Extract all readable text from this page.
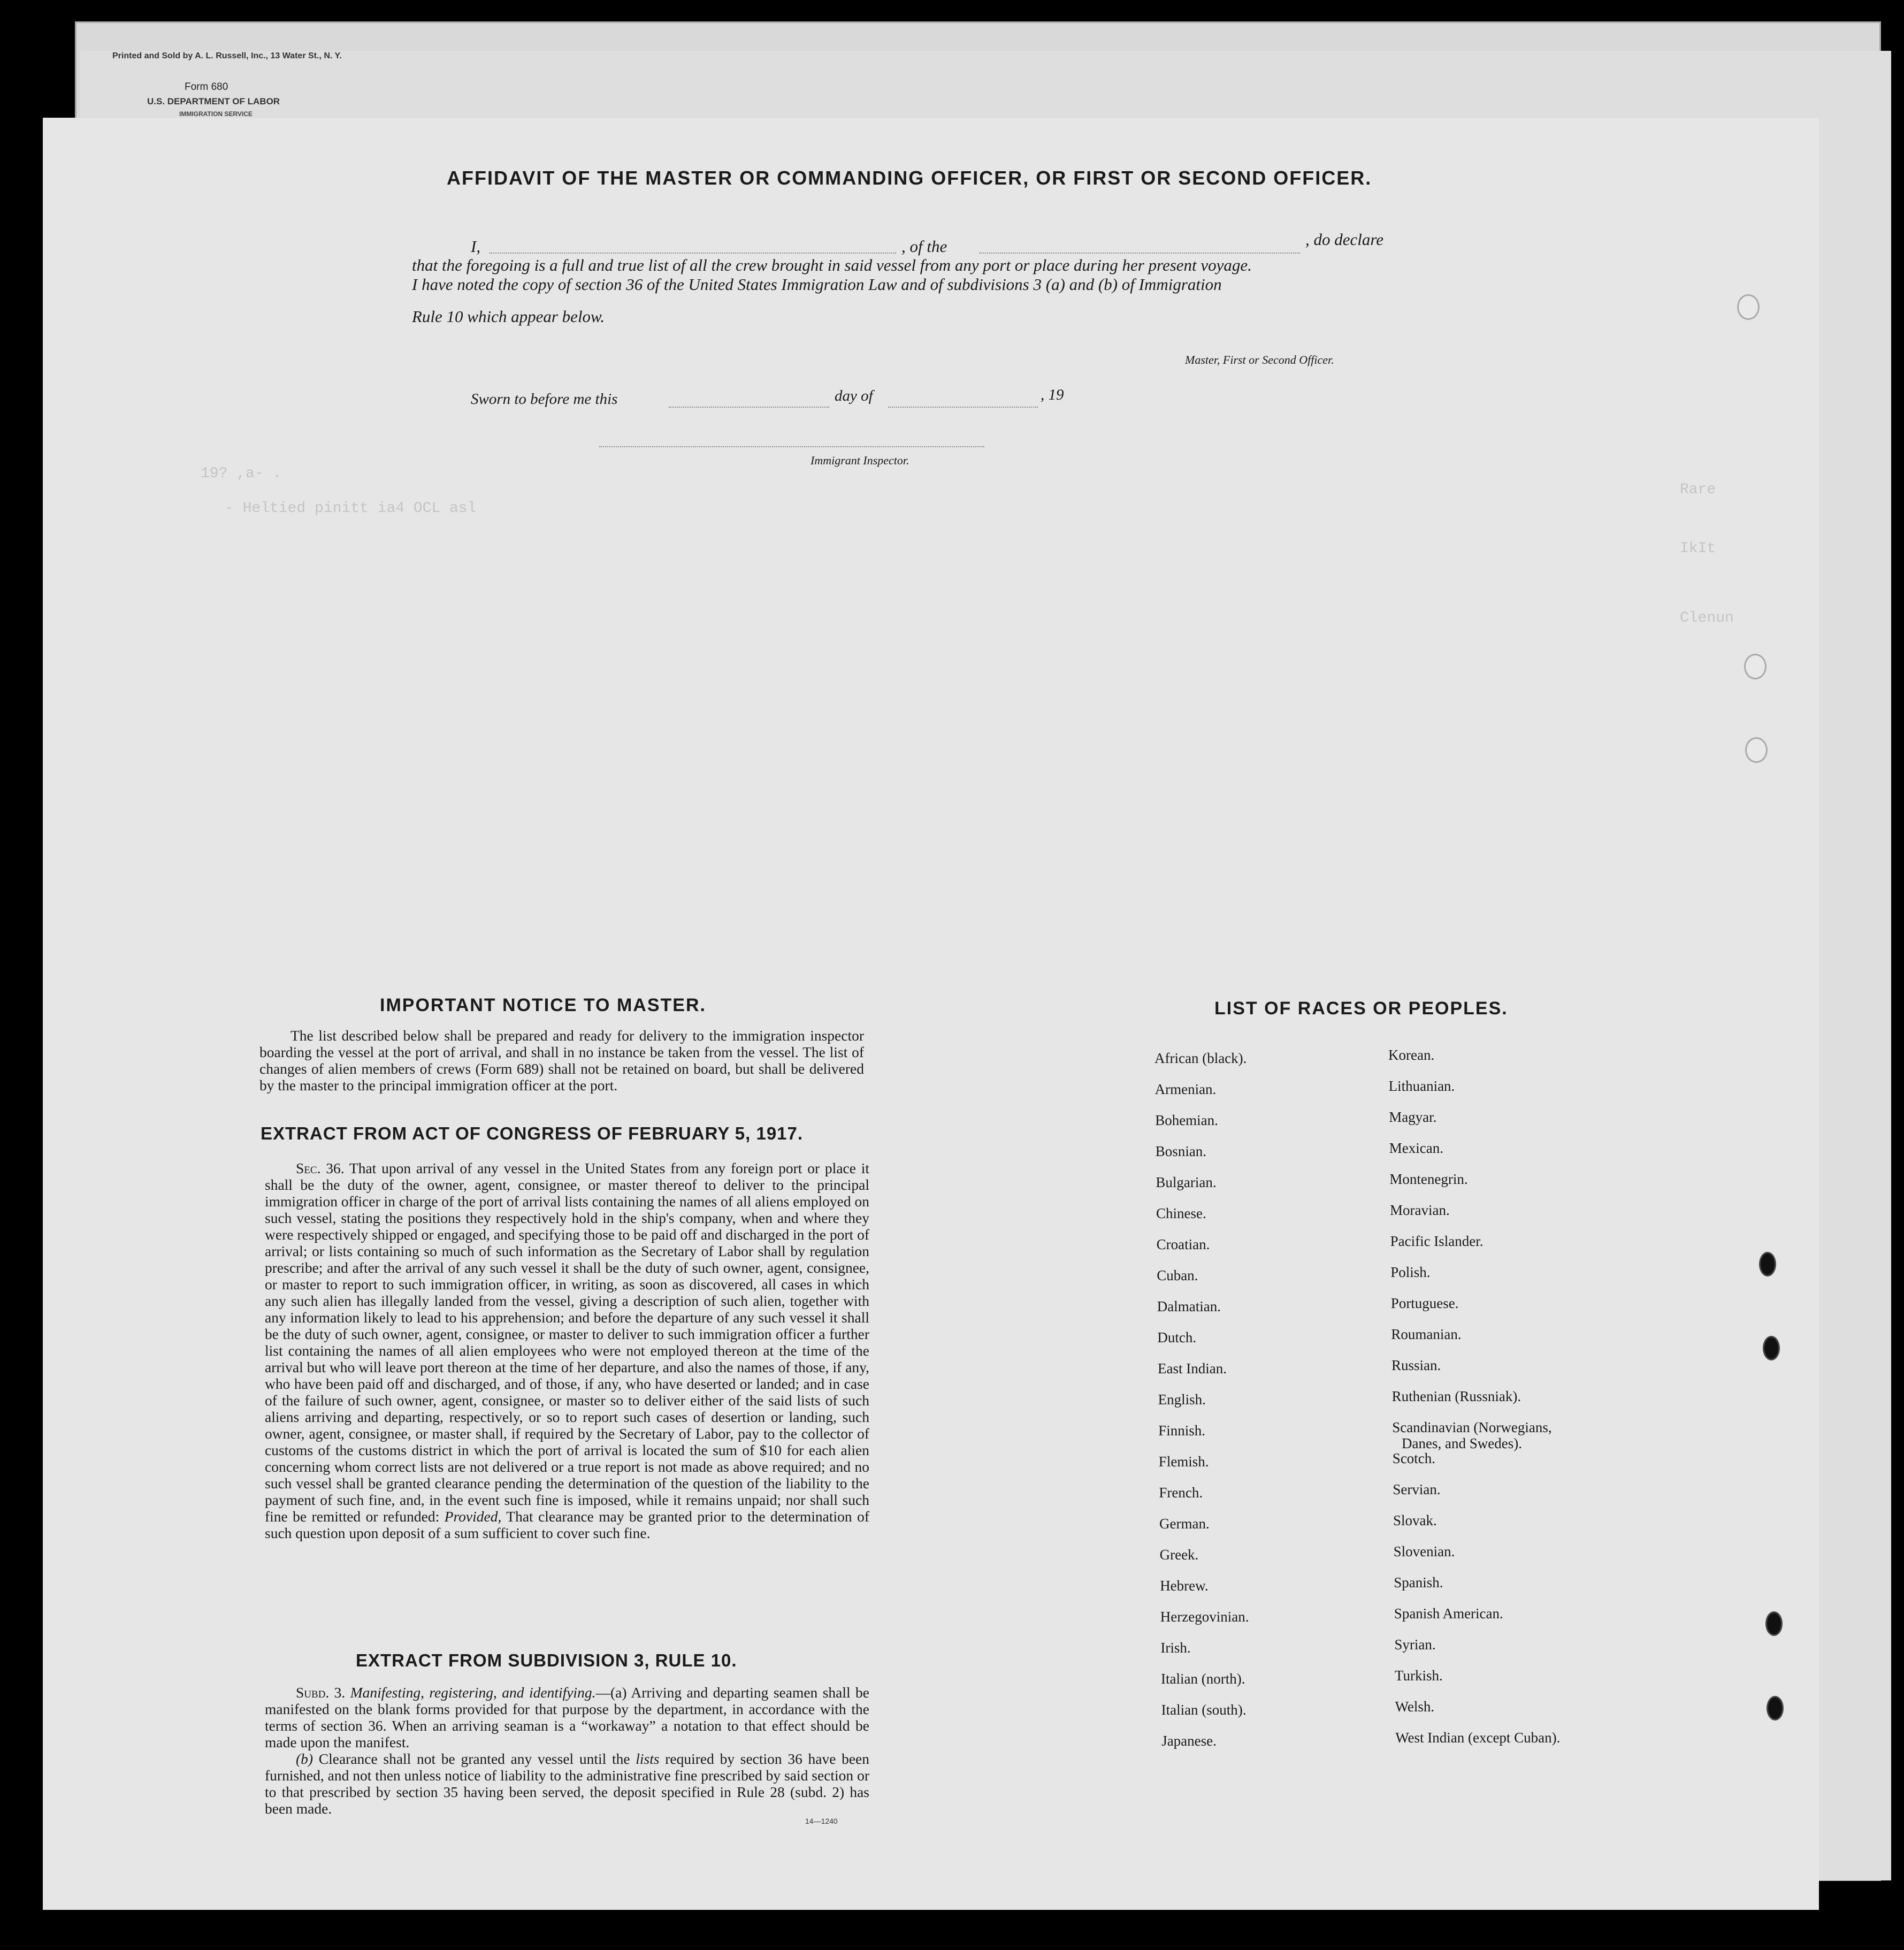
Printed and Sold by A. L. Russell, Inc., 13 Water St., N. Y.
U.S. DEPARTMENT OF LABOR
Form 680
IMMIGRATION SERVICE
AFFIDAVIT OF THE MASTER OR COMMANDING OFFICER, OR FIRST OR SECOND OFFICER.
I,	, of the	, do declare
that the foregoing is a full and true list of all the crew brought in said vessel from any port or place during her present voyage.
I have noted the copy of section 36 of the United States Immigration Law and of subdivisions 3 (a) and (b) of Immigration
Rule 10 which appear below.
Master, First or Second Officer.
Sworn to before me this	day of	, 19
Immigrant Inspector.
19? ,a- .
- Heltied pinitt ia4 OCL asl
Rare
IkIt
Clenun
IMPORTANT NOTICE TO MASTER.

The list described below shall be prepared and ready for delivery to the immigration inspector boarding the vessel at the port of arrival, and shall in no instance be taken from the vessel. The list of changes of alien members of crews (Form 689) shall not be retained on board, but shall be delivered by the master to the principal immigration officer at the port.

EXTRACT FROM ACT OF CONGRESS OF FEBRUARY 5, 1917.

Sec. 36. That upon arrival of any vessel in the United States from any foreign port or place it shall be the duty of the owner, agent, consignee, or master thereof to deliver to the principal immigration officer in charge of the port of arrival lists containing the names of all aliens employed on such vessel, stating the positions they respectively hold in the ship's company, when and where they were respectively shipped or engaged, and specifying those to be paid off and discharged in the port of arrival; or lists containing so much of such information as the Secretary of Labor shall by regulation prescribe; and after the arrival of any such vessel it shall be the duty of such owner, agent, consignee, or master to report to such immigration officer, in writing, as soon as discovered, all cases in which any such alien has illegally landed from the vessel, giving a description of such alien, together with any information likely to lead to his apprehension; and before the departure of any such vessel it shall be the duty of such owner, agent, consignee, or master to deliver to such immigration officer a further list containing the names of all alien employees who were not employed thereon at the time of the arrival but who will leave port thereon at the time of her departure, and also the names of those, if any, who have been paid off and discharged, and of those, if any, who have deserted or landed; and in case of the failure of such owner, agent, consignee, or master so to deliver either of the said lists of such aliens arriving and departing, respectively, or so to report such cases of desertion or landing, such owner, agent, consignee, or master shall, if required by the Secretary of Labor, pay to the collector of customs of the customs district in which the port of arrival is located the sum of $10 for each alien concerning whom correct lists are not delivered or a true report is not made as above required; and no such vessel shall be granted clearance pending the determination of the question of the liability to the payment of such fine, and, in the event such fine is imposed, while it remains unpaid; nor shall such fine be remitted or refunded: Provided, That clearance may be granted prior to the determination of such question upon deposit of a sum sufficient to cover such fine.

EXTRACT FROM SUBDIVISION 3, RULE 10.

Subd. 3. Manifesting, registering, and identifying.—(a) Arriving and departing seamen shall be manifested on the blank forms provided for that purpose by the department, in accordance with the terms of section 36. When an arriving seaman is a “workaway” a notation to that effect should be made upon the manifest.

(b) Clearance shall not be granted any vessel until the lists required by section 36 have been furnished, and not then unless notice of liability to the administrative fine prescribed by said section or to that prescribed by section 35 having been served, the deposit specified in Rule 28 (subd. 2) has been made.

14—1240
LIST OF RACES OR PEOPLES.
African (black).
Armenian.
Bohemian.
Bosnian.
Bulgarian.
Chinese.
Croatian.
Cuban.
Dalmatian.
Dutch.
East Indian.
English.
Finnish.
Flemish.
French.
German.
Greek.
Hebrew.
Herzegovinian.
Irish.
Italian (north).
Italian (south).
Japanese.
Korean.
Lithuanian.
Magyar.
Mexican.
Montenegrin.
Moravian.
Pacific Islander.
Polish.
Portuguese.
Roumanian.
Russian.
Ruthenian (Russniak).
Scandinavian (Norwegians,
Danes, and Swedes).
Scotch.
Servian.
Slovak.
Slovenian.
Spanish.
Spanish American.
Syrian.
Turkish.
Welsh.
West Indian (except Cuban).
